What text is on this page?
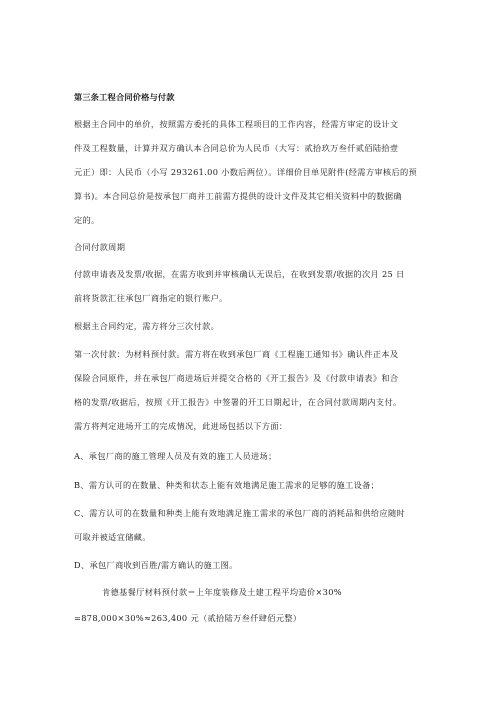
第三条工程合同价格与付款
根据主合同中的单价，按照需方委托的具体工程项目的工作内容，经需方审定的设计文
件及工程数量，计算并双方确认本合同总价为人民币（大写：贰拾玖万叁仟贰佰陆拾壹
元正）即：人民币（小写 293261.00 小数后两位）。详细价目单见附件(经需方审核后的预
算书)。本合同总价是按承包厂商并工前需方提供的设计文件及其它相关资料中的数据确
定的。
合同付款周期
付款申请表及发票/收据，在需方收到并审核确认无误后，在收到发票/收据的次月 25 日
前将货款汇往承包厂商指定的银行账户。
根据主合同约定，需方将分三次付款。
第一次付款：为材料预付款。需方将在收到承包厂商《工程施工通知书》确认件正本及
保险合同原件，并在承包厂商进场后并提交合格的《开工报告》及《付款申请表》和合
格的发票/收据后，按照《开工报告》中签署的开工日期起计，在合同付款周期内支付。
需方将判定进场开工的完成情况，此进场包括以下方面：
A、承包厂商的施工管理人员及有效的施工人员进场；
B、需方认可的在数量、种类和状态上能有效地满足施工需求的足够的施工设备；
C、需方认可的在数量和种类上能有效地满足施工需求的承包厂商的消耗品和供给应随时
可取并被适宜储藏。
D、承包厂商收到百胜/需方确认的施工图。
肯德基餐厅材料预付款＝上年度装修及土建工程平均造价×30%
=878,000×30%≈263,400 元（贰拾陆万叁仟肆佰元整）
